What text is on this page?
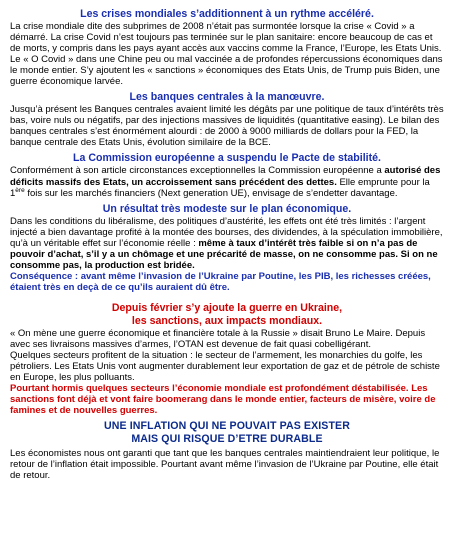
Les crises mondiales s’additionnent à un rythme accéléré.

La crise mondiale dite des subprimes de 2008 n’était pas surmontée lorsque la crise « Covid » a démarré. La crise Covid n’est toujours pas terminée sur le plan sanitaire: encore beaucoup de cas et de morts, y compris dans les pays ayant accès aux vaccins comme la France, l’Europe, les Etats Unis.

Le « O Covid » dans une Chine peu ou mal vaccinée a de profondes répercussions économiques dans le monde entier. S’y ajoutent les « sanctions » économiques des Etats Unis, de Trump puis Biden, une guerre économique larvée.

Les banques centrales à la manœuvre.

Jusqu’à présent les Banques centrales avaient limité les dégâts par une politique de taux d’intérêts très bas, voire nuls ou négatifs, par des injections massives de liquidités (quantitative easing). Le bilan des banques centrales s’est énormément alourdi : de 2000 à 9000 milliards de dollars pour la FED, la banque centrale des Etats Unis, évolution similaire de la BCE.

La Commission européenne a suspendu le Pacte de stabilité.

Conformément à son article circonstances exceptionnelles la Commission européenne a autorisé des déficits massifs des Etats, un accroissement sans précédent des dettes. Elle emprunte pour la 1ère fois sur les marchés financiers (Next generation UE), envisage de s’endetter davantage.

Un résultat très modeste sur le plan économique.

Dans les conditions du libéralisme, des politiques d’austérité, les effets ont été très limités : l’argent injecté a bien davantage profité à la montée des bourses, des dividendes, à la spéculation immobilière, qu’à un véritable effet sur l’économie réelle : même à taux d’intérêt très faible si on n’a pas de pouvoir d’achat, s’il y a un chômage et une précarité de masse, on ne consomme pas. Si on ne consomme pas, la production est bridée.

Conséquence : avant même l’invasion de l’Ukraine par Poutine, les PIB, les richesses créées, étaient très en deçà de ce qu’ils auraient dû être.

Depuis février s’y ajoute la guerre en Ukraine,
les sanctions, aux impacts mondiaux.

« On mène une guerre économique et financière totale à la Russie » disait Bruno Le Maire. Depuis avec ses livraisons massives d’armes, l’OTAN est devenue de fait quasi cobelligérant.

Quelques secteurs profitent de la situation : le secteur de l’armement, les monarchies du golfe, les pétroliers. Les Etats Unis vont augmenter durablement leur exportation de gaz et de pétrole de schiste en Europe, les plus polluants.

Pourtant hormis quelques secteurs l’économie mondiale est profondément déstabilisée. Les sanctions font déjà et vont faire boomerang dans le monde entier, facteurs de misère, voire de famines et de nouvelles guerres.

UNE INFLATION QUI NE POUVAIT PAS EXISTER
MAIS QUI RISQUE D’ETRE DURABLE

Les économistes nous ont garanti que tant que les banques centrales maintiendraient leur politique, le retour de l’inflation était impossible. Pourtant avant même l’invasion de l’Ukraine par Poutine, elle était de retour.
